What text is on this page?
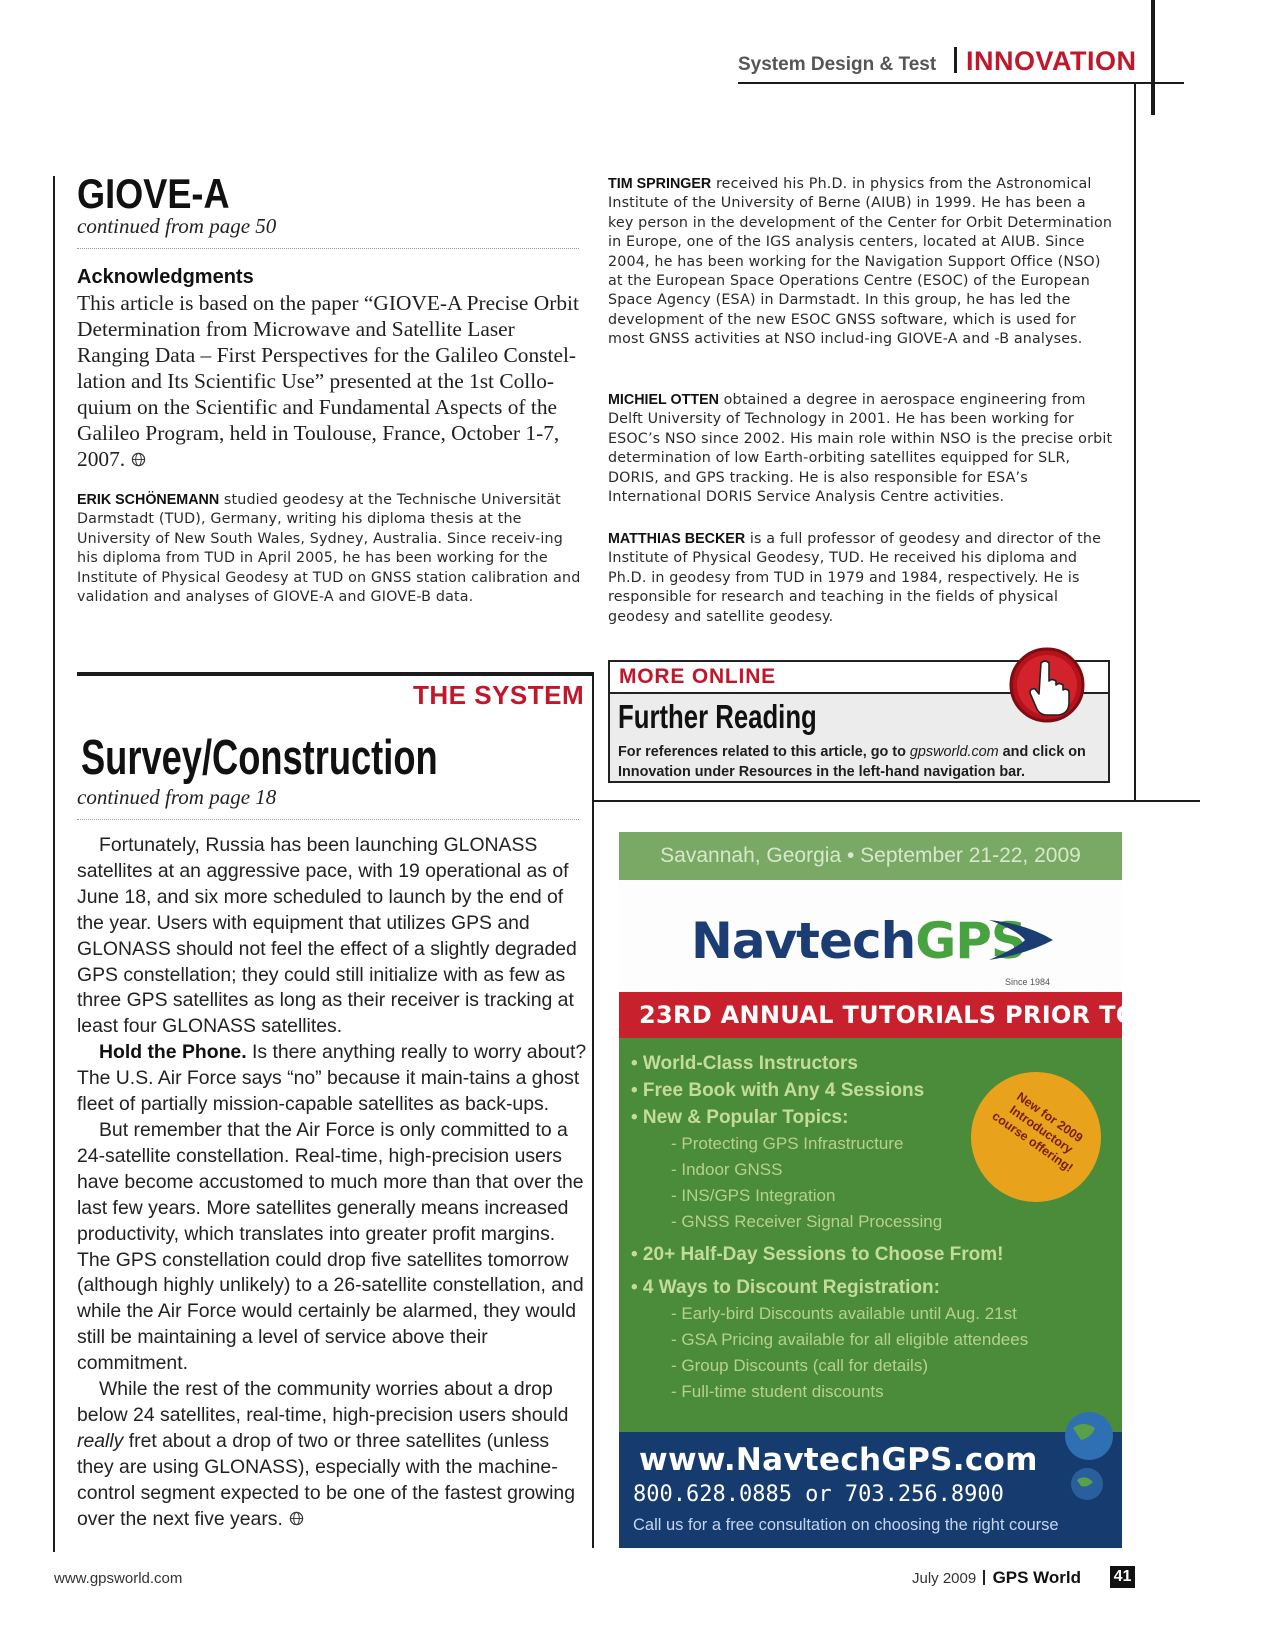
System Design & Test INNOVATION
GIOVE-A
continued from page 50
Acknowledgments

This article is based on the paper “GIOVE-A Precise Orbit Determination from Microwave and Satellite Laser Ranging Data – First Perspectives for the Galileo Constel-lation and Its Scientific Use” presented at the 1st Collo-quium on the Scientific and Fundamental Aspects of the Galileo Program, held in Toulouse, France, October 1-7, 2007.

ERIK SCHÖNEMANN studied geodesy at the Technische Universität Darmstadt (TUD), Germany, writing his diploma thesis at the University of New South Wales, Sydney, Australia. Since receiv-ing his diploma from TUD in April 2005, he has been working for the Institute of Physical Geodesy at TUD on GNSS station calibration and validation and analyses of GIOVE-A and GIOVE-B data.

TIM SPRINGER received his Ph.D. in physics from the Astronomical Institute of the University of Berne (AIUB) in 1999. He has been a key person in the development of the Center for Orbit Determination in Europe, one of the IGS analysis centers, located at AIUB. Since 2004, he has been working for the Navigation Support Office (NSO) at the European Space Operations Centre (ESOC) of the European Space Agency (ESA) in Darmstadt. In this group, he has led the development of the new ESOC GNSS software, which is used for most GNSS activities at NSO includ-ing GIOVE-A and -B analyses.

MICHIEL OTTEN obtained a degree in aerospace engineering from Delft University of Technology in 2001. He has been working for ESOC’s NSO since 2002. His main role within NSO is the precise orbit determination of low Earth-orbiting satellites equipped for SLR, DORIS, and GPS tracking. He is also responsible for ESA’s International DORIS Service Analysis Centre activities.

MATTHIAS BECKER is a full professor of geodesy and director of the Institute of Physical Geodesy, TUD. He received his diploma and Ph.D. in geodesy from TUD in 1979 and 1984, respectively. He is responsible for research and teaching in the fields of physical geodesy and satellite geodesy.

MORE ONLINE
Further Reading
For references related to this article, go to gpsworld.com and click on Innovation under Resources in the left-hand navigation bar.
THE SYSTEM
Survey/Construction
continued from page 18

Fortunately, Russia has been launching GLONASS satellites at an aggressive pace, with 19 operational as of June 18, and six more scheduled to launch by the end of the year. Users with equipment that utilizes GPS and GLONASS should not feel the effect of a slightly degraded GPS constellation; they could still initialize with as few as three GPS satellites as long as their receiver is tracking at least four GLONASS satellites.

Hold the Phone. Is there anything really to worry about? The U.S. Air Force says “no” because it main-tains a ghost fleet of partially mission-capable satellites as back-ups.

But remember that the Air Force is only committed to a 24-satellite constellation. Real-time, high-precision users have become accustomed to much more than that over the last few years. More satellites generally means increased productivity, which translates into greater profit margins. The GPS constellation could drop five satellites tomorrow (although highly unlikely) to a 26-satellite constellation, and while the Air Force would certainly be alarmed, they would still be maintaining a level of service above their commitment.

While the rest of the community worries about a drop below 24 satellites, real-time, high-precision users should really fret about a drop of two or three satellites (unless they are using GLONASS), especially with the machine-control segment expected to be one of the fastest growing over the next five years.

Savannah, Georgia • September 21-22, 2009
NavtechGPS
Since 1984
23RD ANNUAL TUTORIALS PRIOR TO ION GNSS
• World-Class Instructors
• Free Book with Any 4 Sessions
• New & Popular Topics:
- Protecting GPS Infrastructure
- Indoor GNSS
- INS/GPS Integration
- GNSS Receiver Signal Processing
• 20+ Half-Day Sessions to Choose From!
• 4 Ways to Discount Registration:
- Early-bird Discounts available until Aug. 21st
- GSA Pricing available for all eligible attendees
- Group Discounts (call for details)
- Full-time student discounts
New for 2009 Introductory course offering!
www.NavtechGPS.com
800.628.0885 or 703.256.8900
Call us for a free consultation on choosing the right course
www.gpsworld.com	July 2009 GPS World 41
